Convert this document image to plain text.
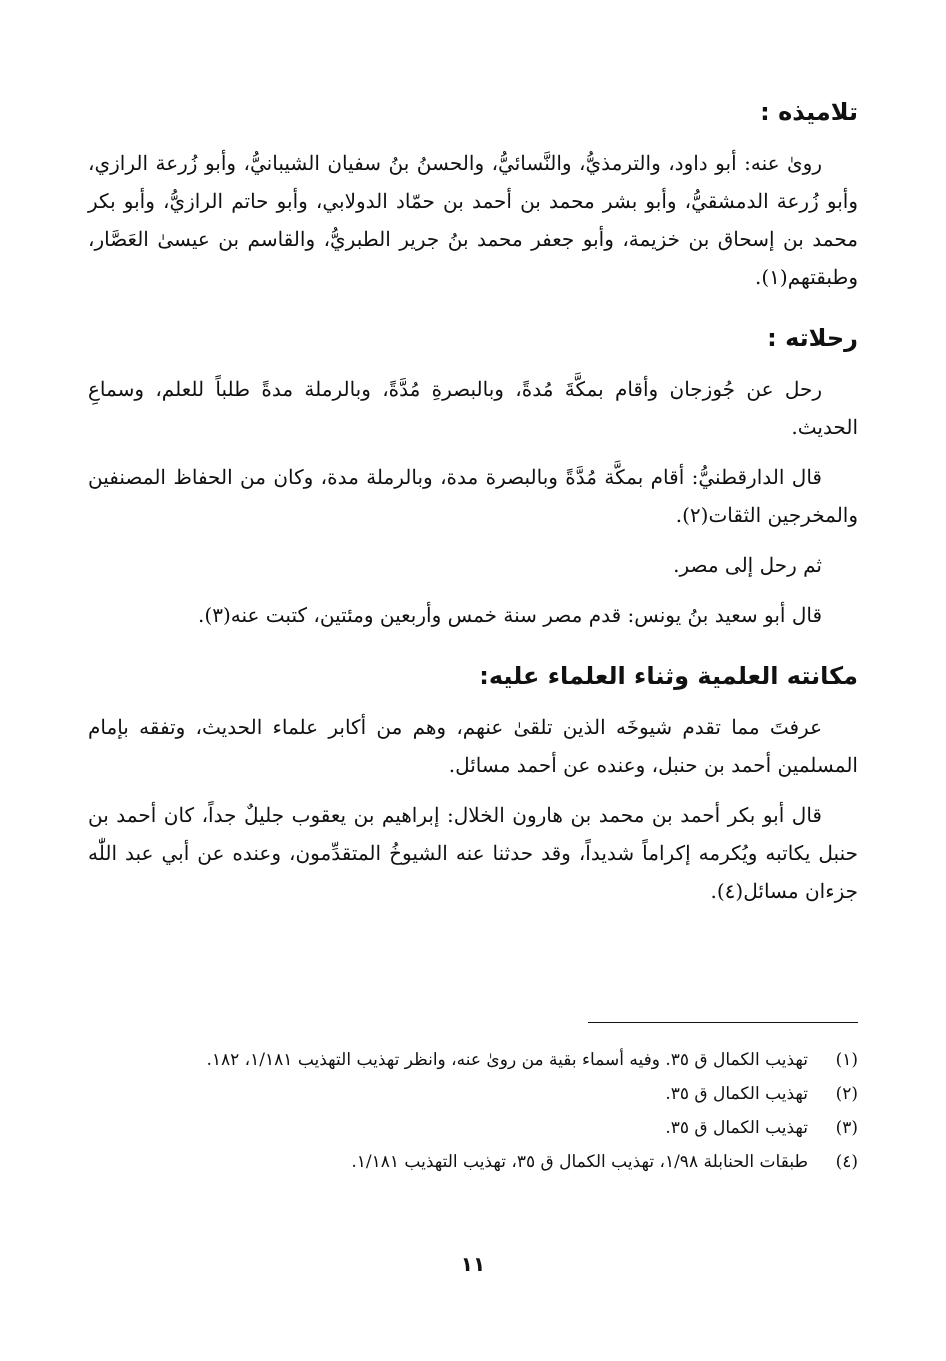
تلاميذه :

روىٰ عنه: أبو داود، والترمذيُّ، والنَّسائيُّ، والحسنُ بنُ سفيان الشيبانيُّ، وأبو زُرعة الرازي، وأبو زُرعة الدمشقيُّ، وأبو بشر محمد بن أحمد بن حمّاد الدولابي، وأبو حاتم الرازيُّ، وأبو بكر محمد بن إسحاق بن خزيمة، وأبو جعفر محمد بنُ جرير الطبريُّ، والقاسم بن عيسىٰ العَصَّار، وطبقتهم(١).

رحلاته :

رحل عن جُوزجان وأقام بمكَّةَ مُدةً، وبالبصرةِ مُدَّةً، وبالرملة مدةً طلباً للعلم، وسماعِ الحديث.

قال الدارقطنيُّ: أقام بمكَّة مُدَّةً وبالبصرة مدة، وبالرملة مدة، وكان من الحفاظ المصنفين والمخرجين الثقات(٢).

ثم رحل إلى مصر.

قال أبو سعيد بنُ يونس: قدم مصر سنة خمس وأربعين ومئتين، كتبت عنه(٣).

مكانته العلمية وثناء العلماء عليه:

عرفتَ مما تقدم شيوخَه الذين تلقىٰ عنهم، وهم من أكابر علماء الحديث، وتفقه بإمام المسلمين أحمد بن حنبل، وعنده عن أحمد مسائل.

قال أبو بكر أحمد بن محمد بن هارون الخلال: إبراهيم بن يعقوب جليلٌ جداً، كان أحمد بن حنبل يكاتبه ويُكرمه إكراماً شديداً، وقد حدثنا عنه الشيوخُ المتقدِّمون، وعنده عن أبي عبد اللّٰه جزءان مسائل(٤).

(١)
تهذيب الكمال ق ٣٥. وفيه أسماء بقية من روىٰ عنه، وانظر تهذيب التهذيب ١/١٨١، ١٨٢.
(٢)
تهذيب الكمال ق ٣٥.
(٣)
تهذيب الكمال ق ٣٥.
(٤)
طبقات الحنابلة ١/٩٨، تهذيب الكمال ق ٣٥، تهذيب التهذيب ١/١٨١.
١١
